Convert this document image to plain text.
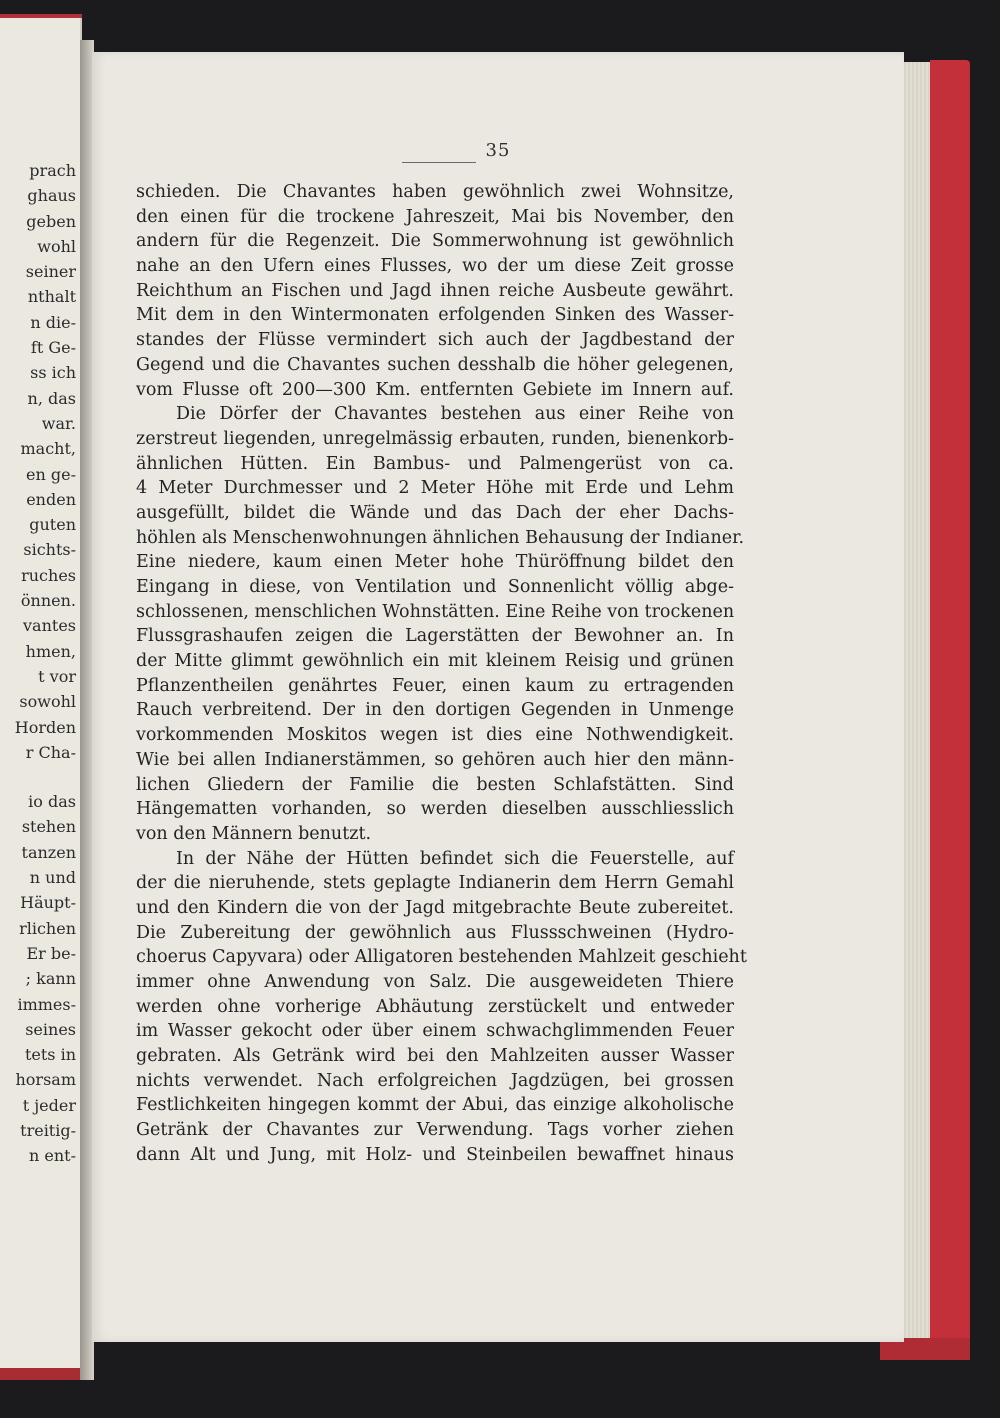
prach
ghaus
geben
wohl
seiner
nthalt
n die-
ft Ge-
ss ich
n, das
war.
macht,
en ge-
enden
guten
sichts-
ruches
önnen.
vantes
hmen,
t vor
sowohl
Horden
r Cha-
io das
stehen
tanzen
n und
Häupt-
rlichen
Er be-
; kann
immes-
seines
tets in
horsam
t jeder
treitig-
n ent-
35
schieden. Die Chavantes haben gewöhnlich zwei Wohnsitze,
den einen für die trockene Jahreszeit, Mai bis November, den
andern für die Regenzeit. Die Sommerwohnung ist gewöhnlich
nahe an den Ufern eines Flusses, wo der um diese Zeit grosse
Reichthum an Fischen und Jagd ihnen reiche Ausbeute gewährt.
Mit dem in den Wintermonaten erfolgenden Sinken des Wasser-
standes der Flüsse vermindert sich auch der Jagdbestand der
Gegend und die Chavantes suchen desshalb die höher gelegenen,
vom Flusse oft 200—300 Km. entfernten Gebiete im Innern auf.
Die Dörfer der Chavantes bestehen aus einer Reihe von
zerstreut liegenden, unregelmässig erbauten, runden, bienenkorb-
ähnlichen Hütten. Ein Bambus- und Palmengerüst von ca.
4 Meter Durchmesser und 2 Meter Höhe mit Erde und Lehm
ausgefüllt, bildet die Wände und das Dach der eher Dachs-
höhlen als Menschenwohnungen ähnlichen Behausung der Indianer.
Eine niedere, kaum einen Meter hohe Thüröffnung bildet den
Eingang in diese, von Ventilation und Sonnenlicht völlig abge-
schlossenen, menschlichen Wohnstätten. Eine Reihe von trockenen
Flussgrashaufen zeigen die Lagerstätten der Bewohner an. In
der Mitte glimmt gewöhnlich ein mit kleinem Reisig und grünen
Pflanzentheilen genährtes Feuer, einen kaum zu ertragenden
Rauch verbreitend. Der in den dortigen Gegenden in Unmenge
vorkommenden Moskitos wegen ist dies eine Nothwendigkeit.
Wie bei allen Indianerstämmen, so gehören auch hier den männ-
lichen Gliedern der Familie die besten Schlafstätten. Sind
Hängematten vorhanden, so werden dieselben ausschliesslich
von den Männern benutzt.
In der Nähe der Hütten befindet sich die Feuerstelle, auf
der die nieruhende, stets geplagte Indianerin dem Herrn Gemahl
und den Kindern die von der Jagd mitgebrachte Beute zubereitet.
Die Zubereitung der gewöhnlich aus Flussschweinen (Hydro-
choerus Capyvara) oder Alligatoren bestehenden Mahlzeit geschieht
immer ohne Anwendung von Salz. Die ausgeweideten Thiere
werden ohne vorherige Abhäutung zerstückelt und entweder
im Wasser gekocht oder über einem schwachglimmenden Feuer
gebraten. Als Getränk wird bei den Mahlzeiten ausser Wasser
nichts verwendet. Nach erfolgreichen Jagdzügen, bei grossen
Festlichkeiten hingegen kommt der Abui, das einzige alkoholische
Getränk der Chavantes zur Verwendung. Tags vorher ziehen
dann Alt und Jung, mit Holz- und Steinbeilen bewaffnet hinaus
